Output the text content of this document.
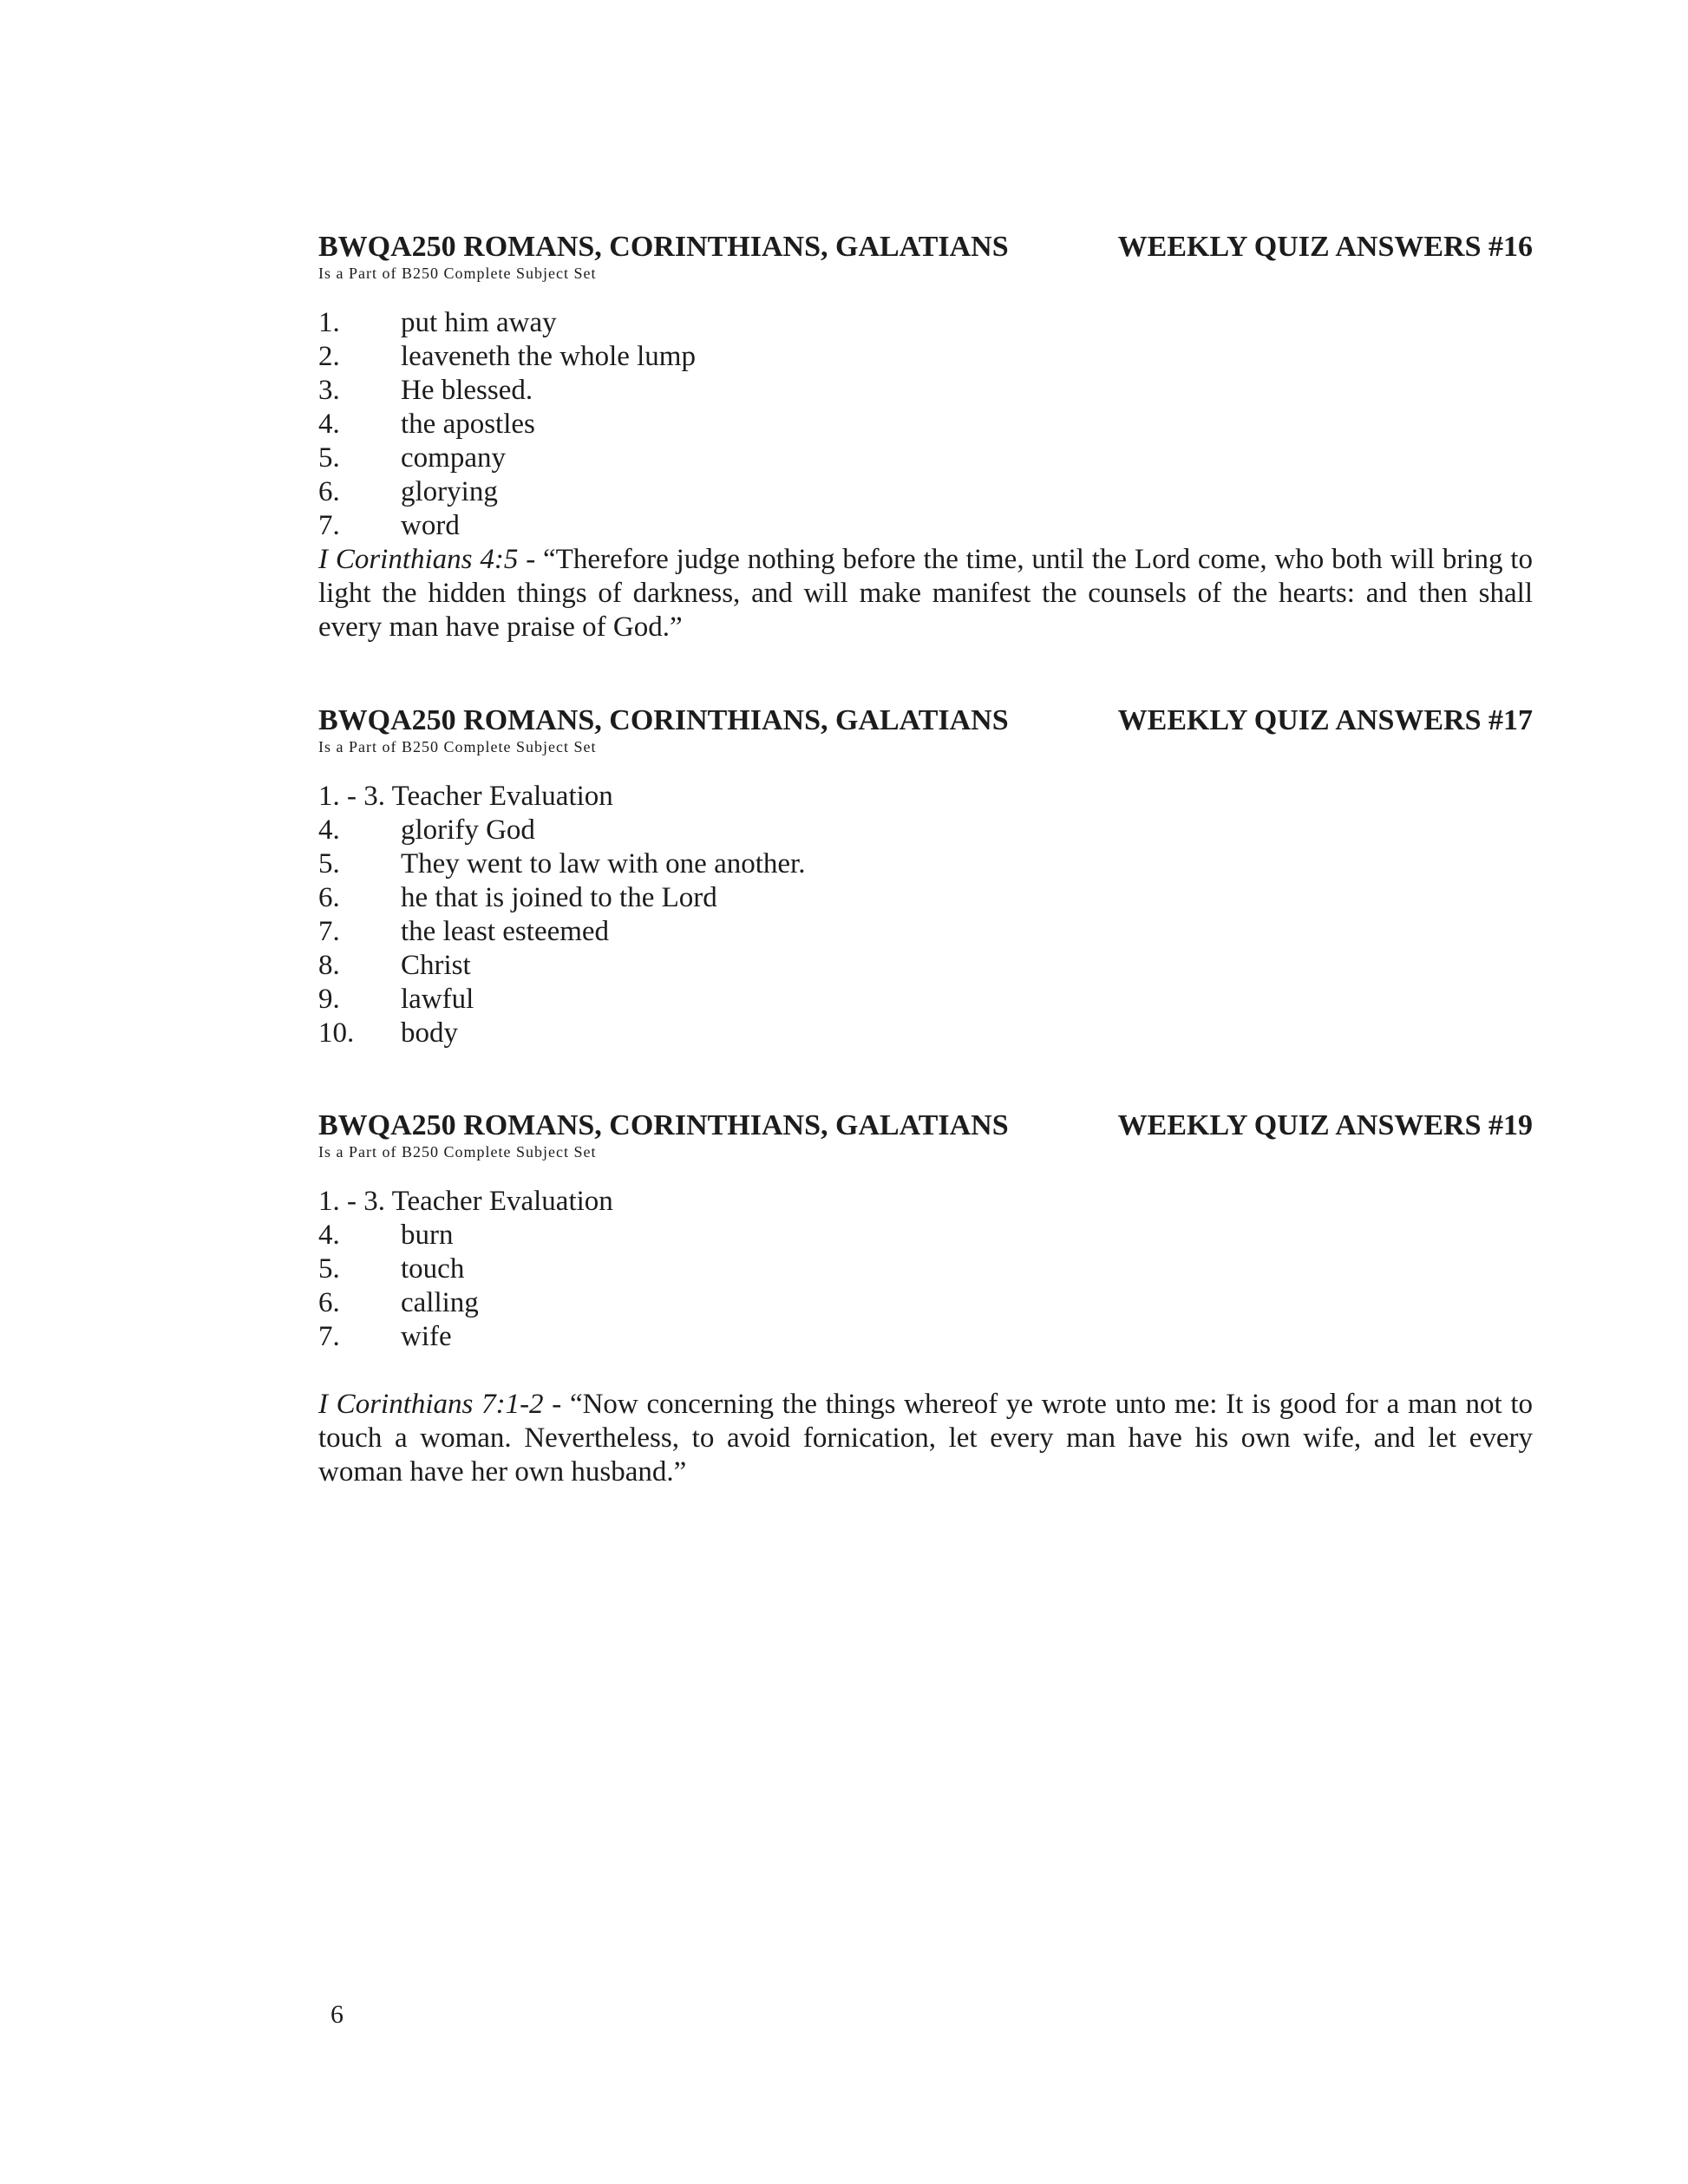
BWQA250 ROMANS, CORINTHIANS, GALATIANS	WEEKLY QUIZ ANSWERS #16
Is a Part of B250 Complete Subject Set
1.	put him away
2.	leaveneth the whole lump
3.	He blessed.
4.	the apostles
5.	company
6.	glorying
7.	word
I Corinthians 4:5 - “Therefore judge nothing before the time, until the Lord come, who both will bring to light the hidden things of darkness, and will make manifest the counsels of the hearts: and then shall every man have praise of God.”
BWQA250 ROMANS, CORINTHIANS, GALATIANS	WEEKLY QUIZ ANSWERS #17
Is a Part of B250 Complete Subject Set
1. - 3. Teacher Evaluation
4.	glorify God
5.	They went to law with one another.
6.	he that is joined to the Lord
7.	the least esteemed
8.	Christ
9.	lawful
10.	body
BWQA250 ROMANS, CORINTHIANS, GALATIANS	WEEKLY QUIZ ANSWERS #19
Is a Part of B250 Complete Subject Set
1. - 3. Teacher Evaluation
4.	burn
5.	touch
6.	calling
7.	wife
I Corinthians 7:1-2 - “Now concerning the things whereof ye wrote unto me: It is good for a man not to touch a woman. Nevertheless, to avoid fornication, let every man have his own wife, and let every woman have her own husband.”
6
